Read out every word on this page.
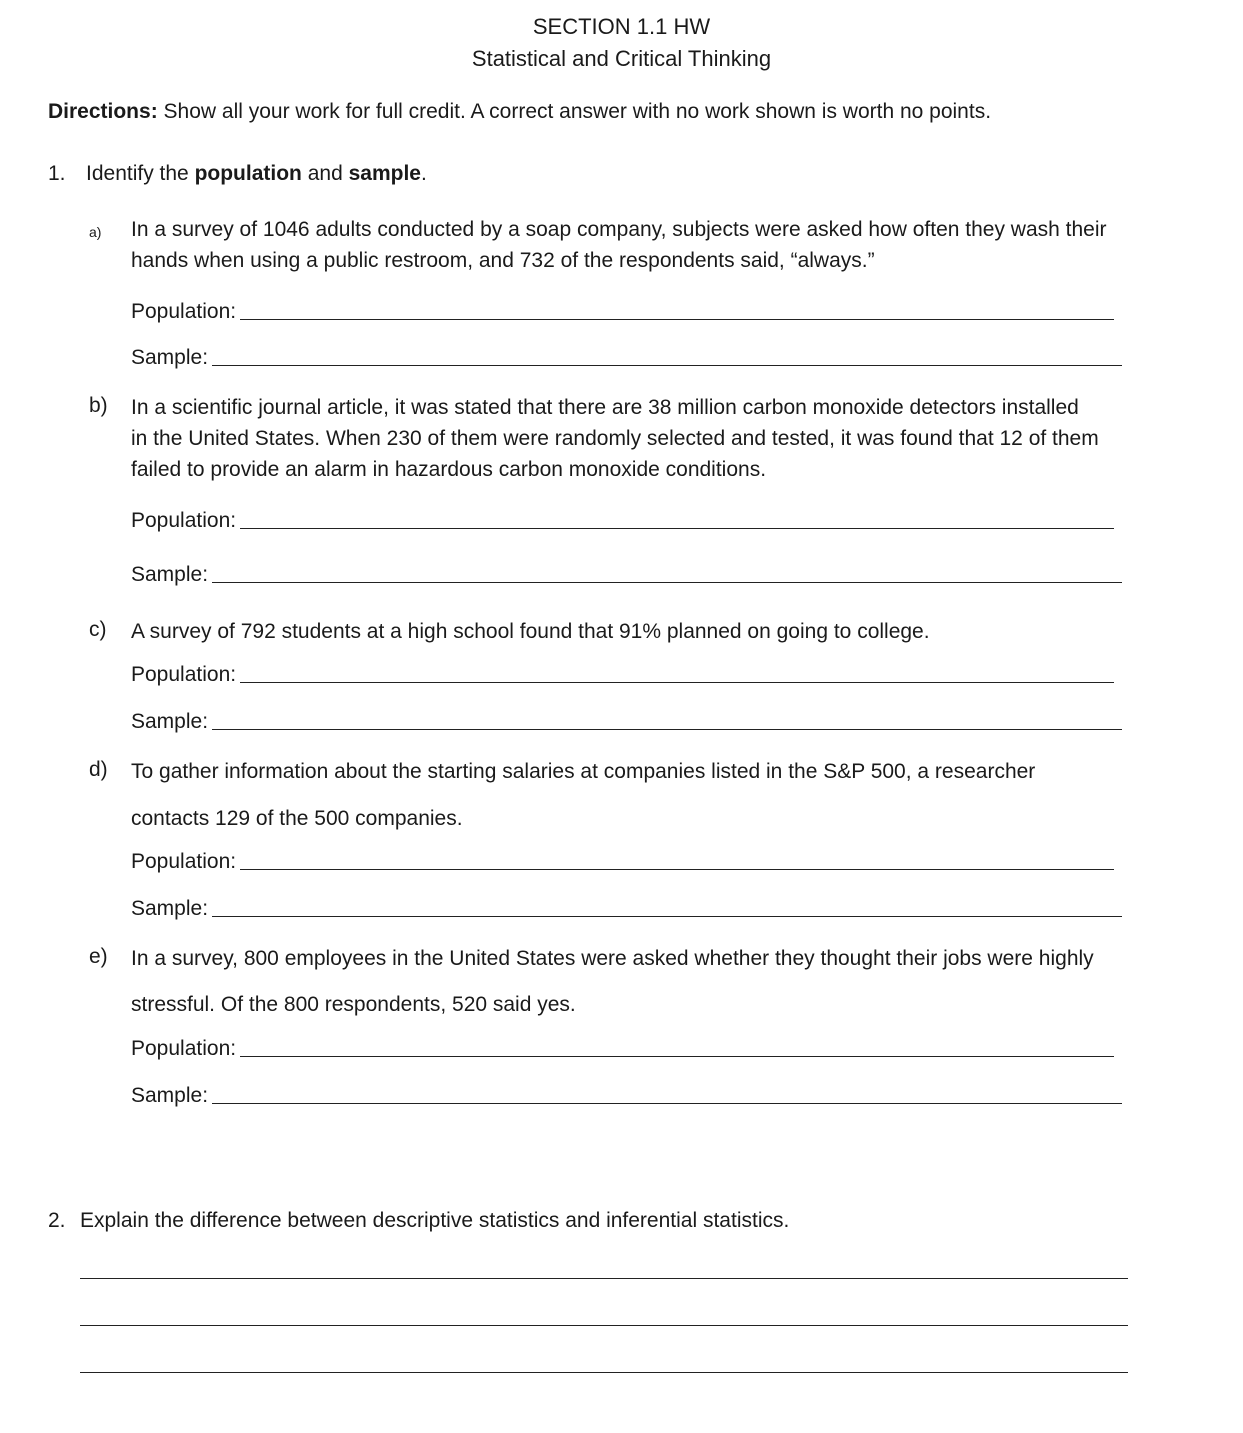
SECTION 1.1 HW
Statistical and Critical Thinking
Directions: Show all your work for full credit. A correct answer with no work shown is worth no points.
1. Identify the population and sample.
a) In a survey of 1046 adults conducted by a soap company, subjects were asked how often they wash their
hands when using a public restroom, and 732 of the respondents said, “always.”
Population:
Sample:
b) In a scientific journal article, it was stated that there are 38 million carbon monoxide detectors installed
in the United States. When 230 of them were randomly selected and tested, it was found that 12 of them
failed to provide an alarm in hazardous carbon monoxide conditions.
Population:
Sample:
c) A survey of 792 students at a high school found that 91% planned on going to college.
Population:
Sample:
d) To gather information about the starting salaries at companies listed in the S&P 500, a researcher
contacts 129 of the 500 companies.
Population:
Sample:
e) In a survey, 800 employees in the United States were asked whether they thought their jobs were highly
stressful. Of the 800 respondents, 520 said yes.
Population:
Sample:
2. Explain the difference between descriptive statistics and inferential statistics.
